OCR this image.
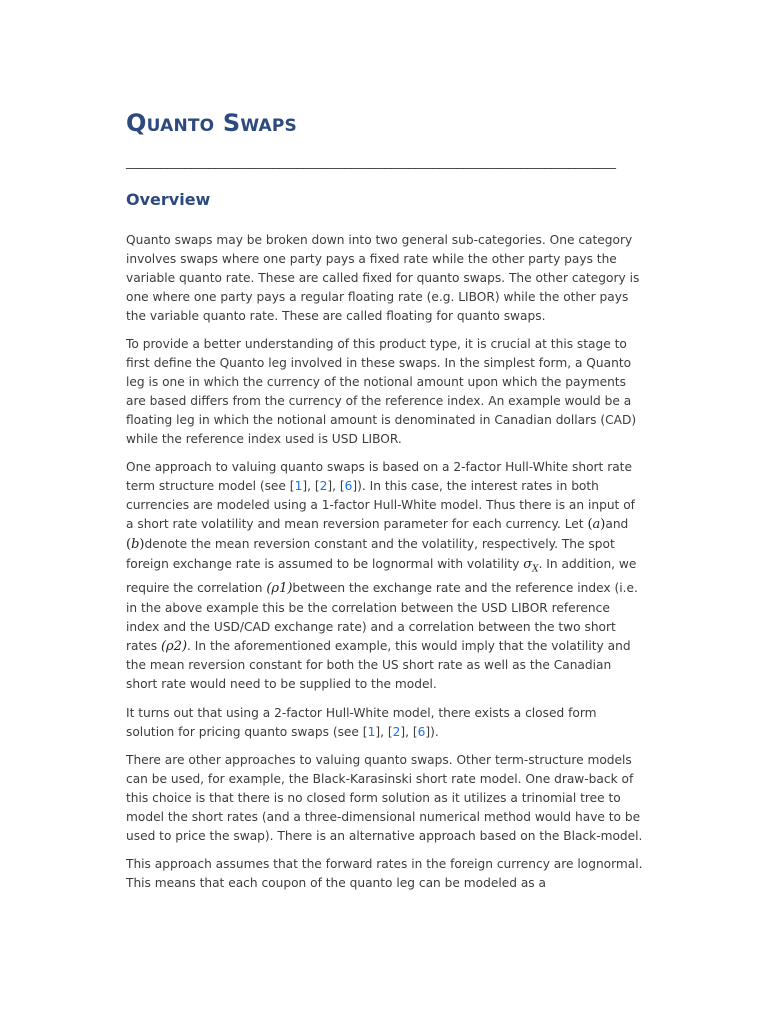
Quanto Swaps
___________________________________________________________________________________
Overview

Quanto swaps may be broken down into two general sub-categories. One category involves swaps where one party pays a fixed rate while the other party pays the variable quanto rate. These are called fixed for quanto swaps. The other category is one where one party pays a regular floating rate (e.g. LIBOR) while the other pays the variable quanto rate. These are called floating for quanto swaps.

To provide a better understanding of this product type, it is crucial at this stage to first define the Quanto leg involved in these swaps. In the simplest form, a Quanto leg is one in which the currency of the notional amount upon which the payments are based differs from the currency of the reference index. An example would be a floating leg in which the notional amount is denominated in Canadian dollars (CAD) while the reference index used is USD LIBOR.

One approach to valuing quanto swaps is based on a 2-factor Hull-White short rate term structure model (see [1], [2], [6]). In this case, the interest rates in both currencies are modeled using a 1-factor Hull-White model. Thus there is an input of a short rate volatility and mean reversion parameter for each currency. Let (a)and (b)denote the mean reversion constant and the volatility, respectively. The spot foreign exchange rate is assumed to be lognormal with volatility $\sigma_X$. In addition, we require the correlation (ρ1)between the exchange rate and the reference index (i.e. in the above example this be the correlation between the USD LIBOR reference index and the USD/CAD exchange rate) and a correlation between the two short rates (ρ2). In the aforementioned example, this would imply that the volatility and the mean reversion constant for both the US short rate as well as the Canadian short rate would need to be supplied to the model.

It turns out that using a 2-factor Hull-White model, there exists a closed form solution for pricing quanto swaps (see [1], [2], [6]).

There are other approaches to valuing quanto swaps. Other term-structure models can be used, for example, the Black-Karasinski short rate model. One draw-back of this choice is that there is no closed form solution as it utilizes a trinomial tree to model the short rates (and a three-dimensional numerical method would have to be used to price the swap). There is an alternative approach based on the Black-model.

This approach assumes that the forward rates in the foreign currency are lognormal. This means that each coupon of the quanto leg can be modeled as a
